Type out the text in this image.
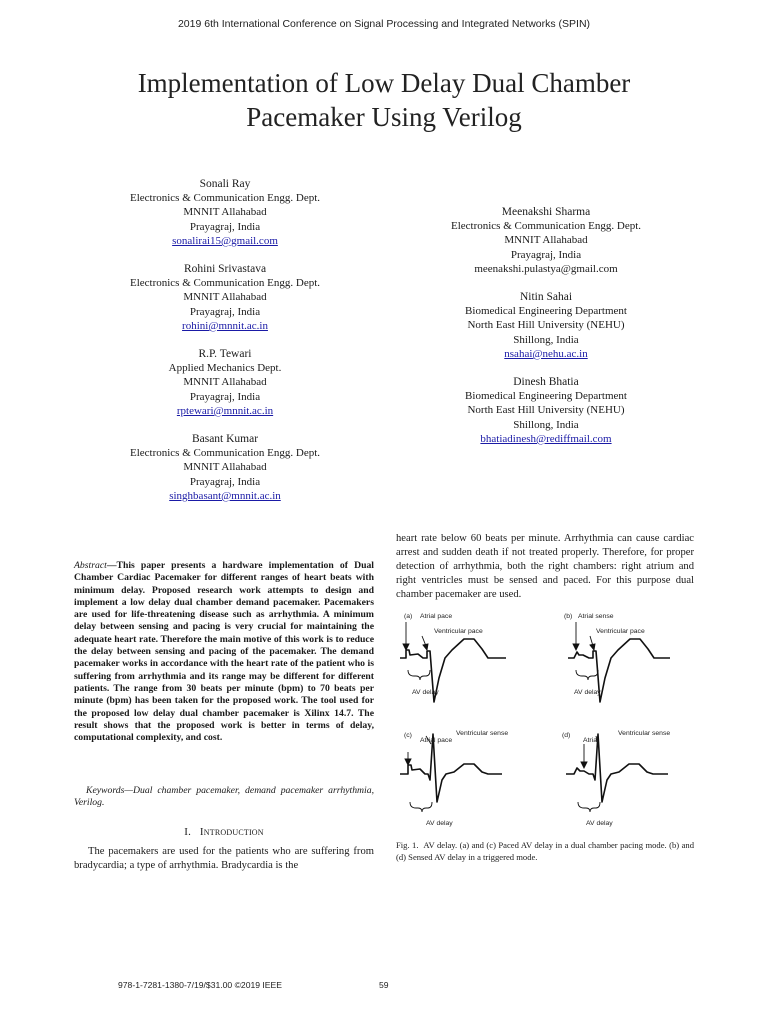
2019 6th International Conference on Signal Processing and Integrated Networks (SPIN)
Implementation of Low Delay Dual Chamber
Pacemaker Using Verilog
Sonali Ray
Electronics & Communication Engg. Dept.
MNNIT Allahabad
Prayagraj, India
sonalirai15@gmail.com
Rohini Srivastava
Electronics & Communication Engg. Dept.
MNNIT Allahabad
Prayagraj, India
rohini@mnnit.ac.in
R.P. Tewari
Applied Mechanics Dept.
MNNIT Allahabad
Prayagraj, India
rptewari@mnnit.ac.in
Basant Kumar
Electronics & Communication Engg. Dept.
MNNIT Allahabad
Prayagraj, India
singhbasant@mnnit.ac.in
Meenakshi Sharma
Electronics & Communication Engg. Dept.
MNNIT Allahabad
Prayagraj, India
meenakshi.pulastya@gmail.com
Nitin Sahai
Biomedical Engineering Department
North East Hill University (NEHU)
Shillong, India
nsahai@nehu.ac.in
Dinesh Bhatia
Biomedical Engineering Department
North East Hill University (NEHU)
Shillong, India
bhatiadinesh@rediffmail.com
Abstract—This paper presents a hardware implementation of Dual Chamber Cardiac Pacemaker for different ranges of heart beats with minimum delay. Proposed research work attempts to design and implement a low delay dual chamber demand pacemaker. Pacemakers are used for life-threatening disease such as arrhythmia. A minimum delay between sensing and pacing is very crucial for maintaining the adequate heart rate. Therefore the main motive of this work is to reduce the delay between sensing and pacing of the pacemaker. The demand pacemaker works in accordance with the heart rate of the patient who is suffering from arrhythmia and its range may be different for different patients. The range from 30 beats per minute (bpm) to 70 beats per minute (bpm) has been taken for the proposed work. The tool used for the proposed low delay dual chamber pacemaker is Xilinx 14.7. The result shows that the proposed work is better in terms of delay, computational complexity, and cost.
Keywords—Dual chamber pacemaker, demand pacemaker arrhythmia, Verilog.
I. Introduction
The pacemakers are used for the patients who are suffering from bradycardia; a type of arrhythmia. Bradycardia is the
heart rate below 60 beats per minute. Arrhythmia can cause cardiac arrest and sudden death if not treated properly. Therefore, for proper detection of arrhythmia, both the right chambers: right atrium and right ventricles must be sensed and paced. For this purpose dual chamber pacemaker are used.
(a) Atrial pace
Ventricular pace
AV delay
(b) Atrial sense
Ventricular pace
AV delay
(c)
Atrial pace
Ventricular sense
AV delay
(d)
Atrial
Ventricular sense
AV delay
Fig. 1. AV delay. (a) and (c) Paced AV delay in a dual chamber pacing mode. (b) and (d) Sensed AV delay in a triggered mode.
978-1-7281-1380-7/19/$31.00 ©2019 IEEE	59
